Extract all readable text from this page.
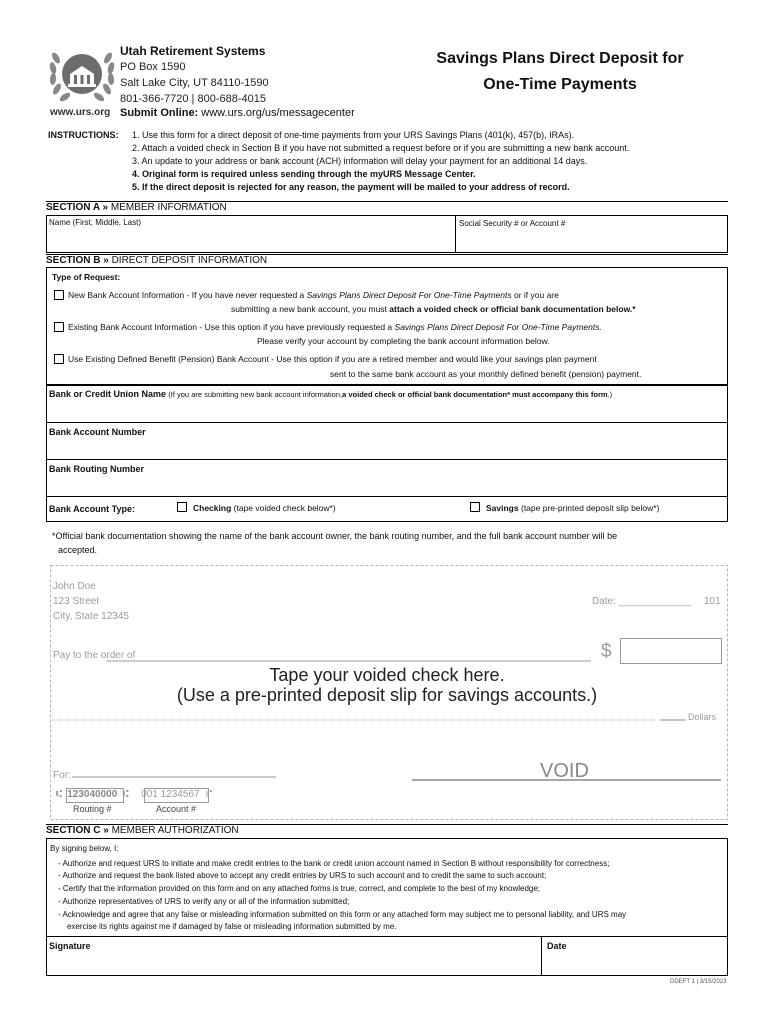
Utah Retirement Systems
PO Box 1590
Salt Lake City, UT 84110-1590
801-366-7720 | 800-688-4015
www.urs.org Submit Online: www.urs.org/us/messagecenter
Savings Plans Direct Deposit for
One-Time Payments
INSTRUCTIONS: 1. Use this form for a direct deposit of one-time payments from your URS Savings Plans (401(k), 457(b), IRAs).
2. Attach a voided check in Section B if you have not submitted a request before or if you are submitting a new bank account.
3. An update to your address or bank account (ACH) information will delay your payment for an additional 14 days.
4. Original form is required unless sending through the myURS Message Center.
5. If the direct deposit is rejected for any reason, the payment will be mailed to your address of record.
SECTION A » MEMBER INFORMATION
Name (First, Middle, Last)	Social Security # or Account #
SECTION B » DIRECT DEPOSIT INFORMATION
Type of Request:
New Bank Account Information - If you have never requested a Savings Plans Direct Deposit For One-Time Payments or if you are
submitting a new bank account, you must attach a voided check or official bank documentation below.*
Existing Bank Account Information - Use this option if you have previously requested a Savings Plans Direct Deposit For One-Time Payments.
Please verify your account by completing the bank account information below.
Use Existing Defined Benefit (Pension) Bank Account - Use this option if you are a retired member and would like your savings plan payment
sent to the same bank account as your monthly defined benefit (pension) payment.
Bank or Credit Union Name (If you are submitting new bank account information,a voided check or official bank documentation* must accompany this form.)
Bank Account Number
Bank Routing Number
Bank Account Type:	Checking (tape voided check below*)	Savings (tape pre-printed deposit slip below*)
*Official bank documentation showing the name of the bank account owner, the bank routing number, and the full bank account number will be
accepted.
John Doe
123 Street
City, State 12345
Date: _____________ 101
Pay to the order of	$
Tape your voided check here.
(Use a pre-printed deposit slip for savings accounts.)
Dollars
For:	VOID
⑆ 123040000 ⑆ 001 1234567 ⑈
Routing #	Account #
SECTION C » MEMBER AUTHORIZATION
By signing below, I:
- Authorize and request URS to initiate and make credit entries to the bank or credit union account named in Section B without responsibility for correctness;
- Authorize and request the bank listed above to accept any credit entries by URS to such account and to credit the same to such account;
- Certify that the information provided on this form and on any attached forms is true, correct, and complete to the best of my knowledge;
- Authorize representatives of URS to verify any or all of the information submitted;
- Acknowledge and agree that any false or misleading information submitted on this form or any attached form may subject me to personal liability, and URS may
exercise its rights against me if damaged by false or misleading information submitted by me.
Signature	Date
DDEFT 1 | 3/15/2023
